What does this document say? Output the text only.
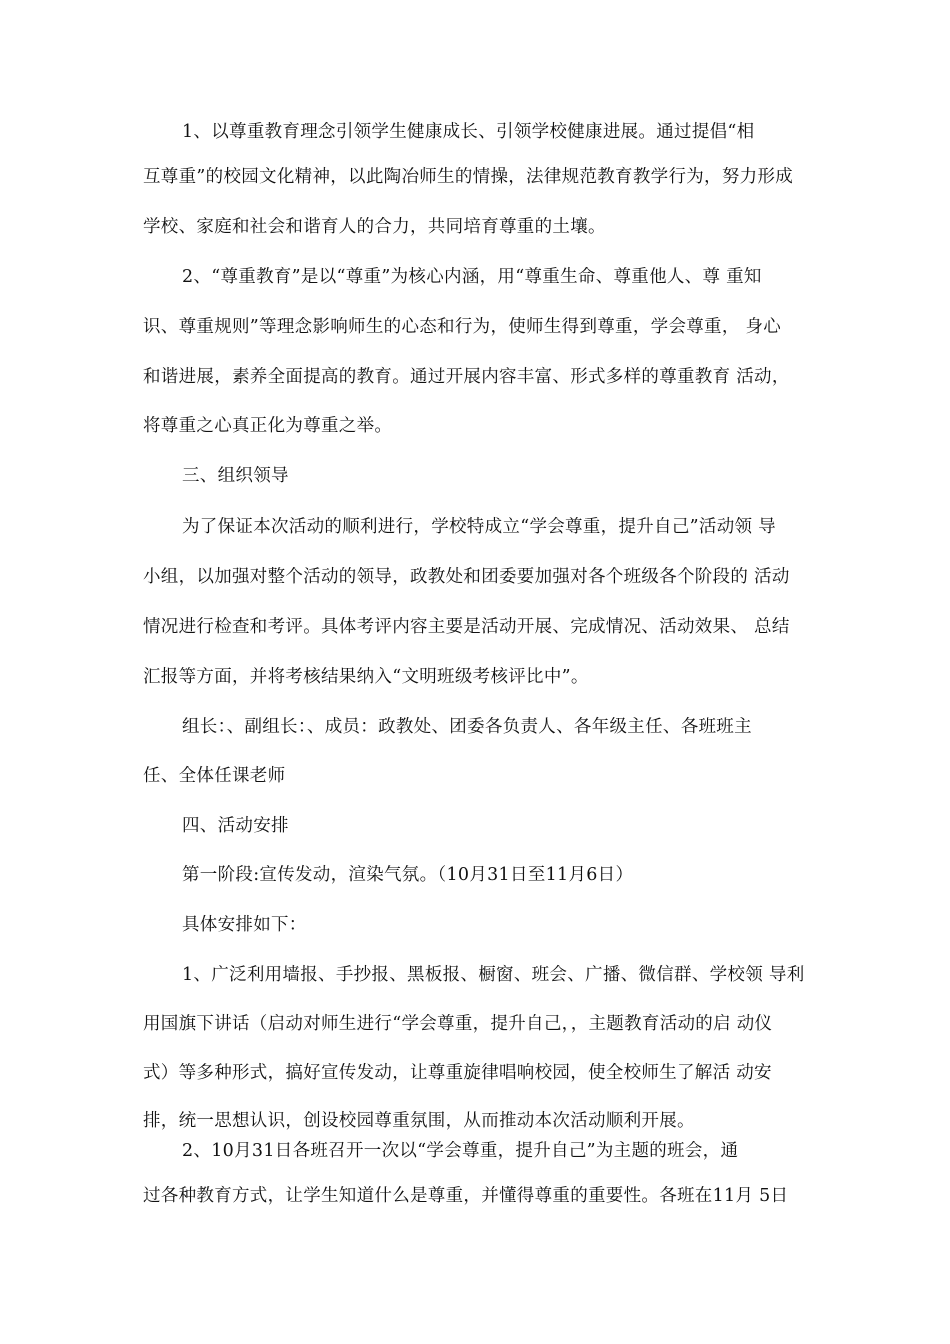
1、以尊重教育理念引领学生健康成长、引领学校健康进展。通过提倡“相
互尊重”的校园文化精神，以此陶冶师生的情操，法律规范教育教学行为，努力形成
学校、家庭和社会和谐育人的合力，共同培育尊重的土壤。
2、“尊重教育”是以“尊重”为核心内涵，用“尊重生命、尊重他人、尊 重知
识、尊重规则”等理念影响师生的心态和行为，使师生得到尊重，学会尊重， 身心
和谐进展，素养全面提高的教育。通过开展内容丰富、形式多样的尊重教育 活动，
将尊重之心真正化为尊重之举。
三、组织领导
为了保证本次活动的顺利进行，学校特成立“学会尊重，提升自己”活动领 导
小组，以加强对整个活动的领导，政教处和团委要加强对各个班级各个阶段的 活动
情况进行检查和考评。具体考评内容主要是活动开展、完成情况、活动效果、 总结
汇报等方面，并将考核结果纳入“文明班级考核评比中”。
组长：、副组长：、成员：政教处、团委各负责人、各年级主任、各班班主
任、全体任课老师
四、活动安排
第一阶段:宣传发动，渲染气氛。（10月31日至11月6日）
具体安排如下：
1、广泛利用墙报、手抄报、黑板报、橱窗、班会、广播、微信群、学校领 导利
用国旗下讲话（启动对师生进行“学会尊重，提升自己，，主题教育活动的启 动仪
式）等多种形式，搞好宣传发动，让尊重旋律唱响校园，使全校师生了解活 动安
排，统一思想认识，创设校园尊重氛围，从而推动本次活动顺利开展。
2、10月31日各班召开一次以“学会尊重，提升自己”为主题的班会，通
过各种教育方式，让学生知道什么是尊重，并懂得尊重的重要性。各班在11月 5日
